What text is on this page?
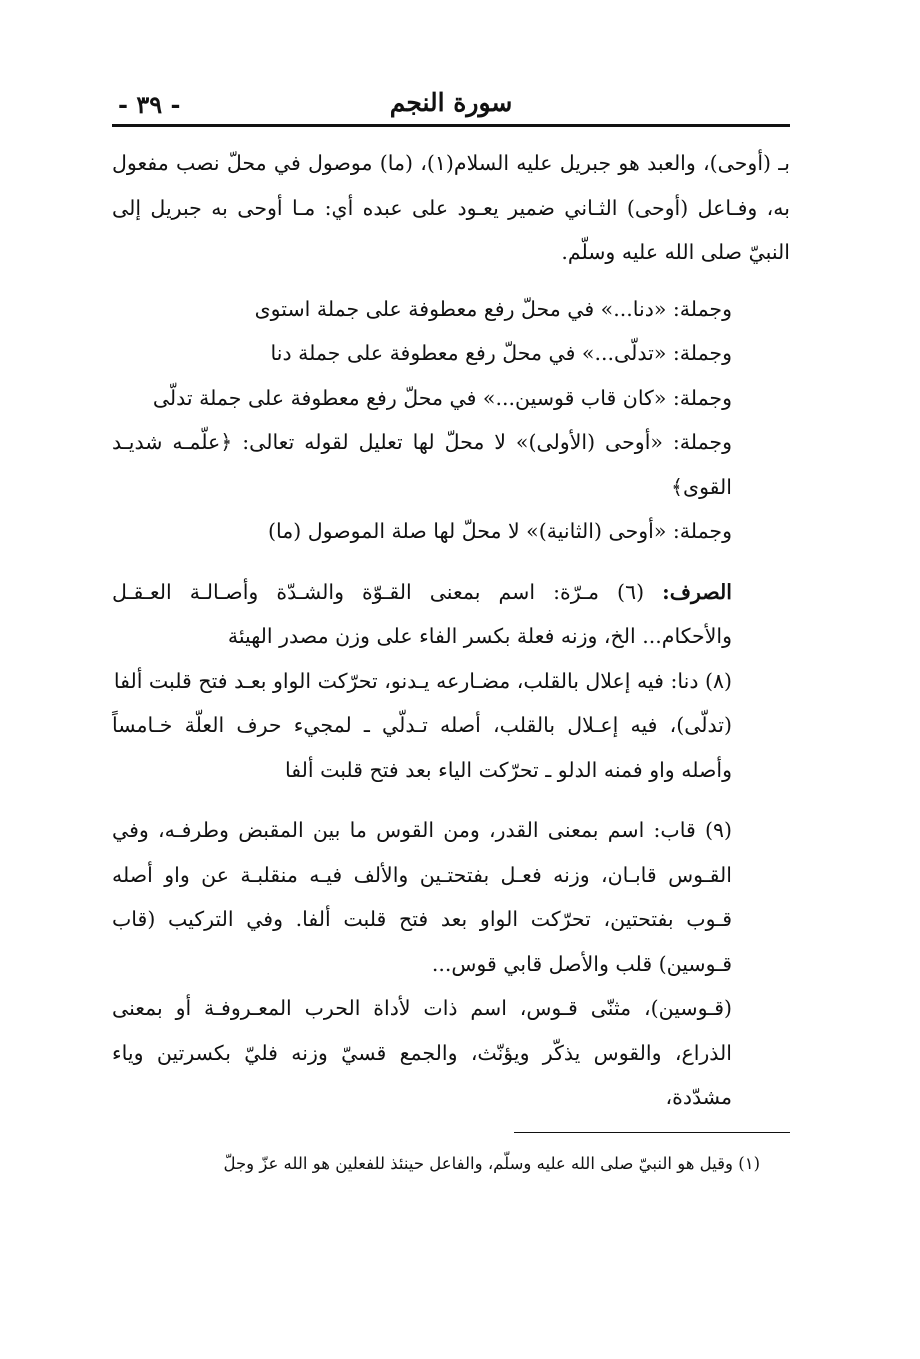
سورة النجم
- ٣٩ -

بـ (أوحى)، والعبد هو جبريل عليه السلام(١)، (ما) موصول في محلّ نصب مفعول به، وفـاعل (أوحى) الثـاني ضمير يعـود على عبده أي: مـا أوحى به جبريل إلى النبيّ صلى الله عليه وسلّم.

وجملة: «دنا...» في محلّ رفع معطوفة على جملة استوى

وجملة: «تدلّى...» في محلّ رفع معطوفة على جملة دنا

وجملة: «كان قاب قوسين...» في محلّ رفع معطوفة على جملة تدلّى

وجملة: «أوحى (الأولى)» لا محلّ لها تعليل لقوله تعالى: ﴿علّمـه شديـد القوى﴾

وجملة: «أوحى (الثانية)» لا محلّ لها صلة الموصول (ما)

الصرف: (٦) مـرّة: اسم بمعنى القـوّة والشـدّة وأصـالـة العـقـل والأحكام... الخ، وزنه فعلة بكسر الفاء على وزن مصدر الهيئة

(٨) دنا: فيه إعلال بالقلب، مضـارعه يـدنو، تحرّكت الواو بعـد فتح قلبت ألفا

(تدلّى)، فيه إعـلال بالقلب، أصله تـدلّي ـ لمجيء حرف العلّة خـامساً وأصله واو فمنه الدلو ـ تحرّكت الياء بعد فتح قلبت ألفا

(٩) قاب: اسم بمعنى القدر، ومن القوس ما بين المقبض وطرفـه، وفي القـوس قابـان، وزنه فعـل بفتحتـين والألف فيـه منقلبـة عن واو أصله قـوب بفتحتين، تحرّكت الواو بعد فتح قلبت ألفا. وفي التركيب (قاب قـوسين) قلب والأصل قابي قوس...

(قـوسين)، مثنّى قـوس، اسم ذات لأداة الحرب المعـروفـة أو بمعنى الذراع، والقوس يذكّر ويؤنّث، والجمع قسيّ وزنه فليّ بكسرتين وياء مشدّدة،

(١) وقيل هو النبيّ صلى الله عليه وسلّم، والفاعل حينئذ للفعلين هو الله عزّ وجلّ
